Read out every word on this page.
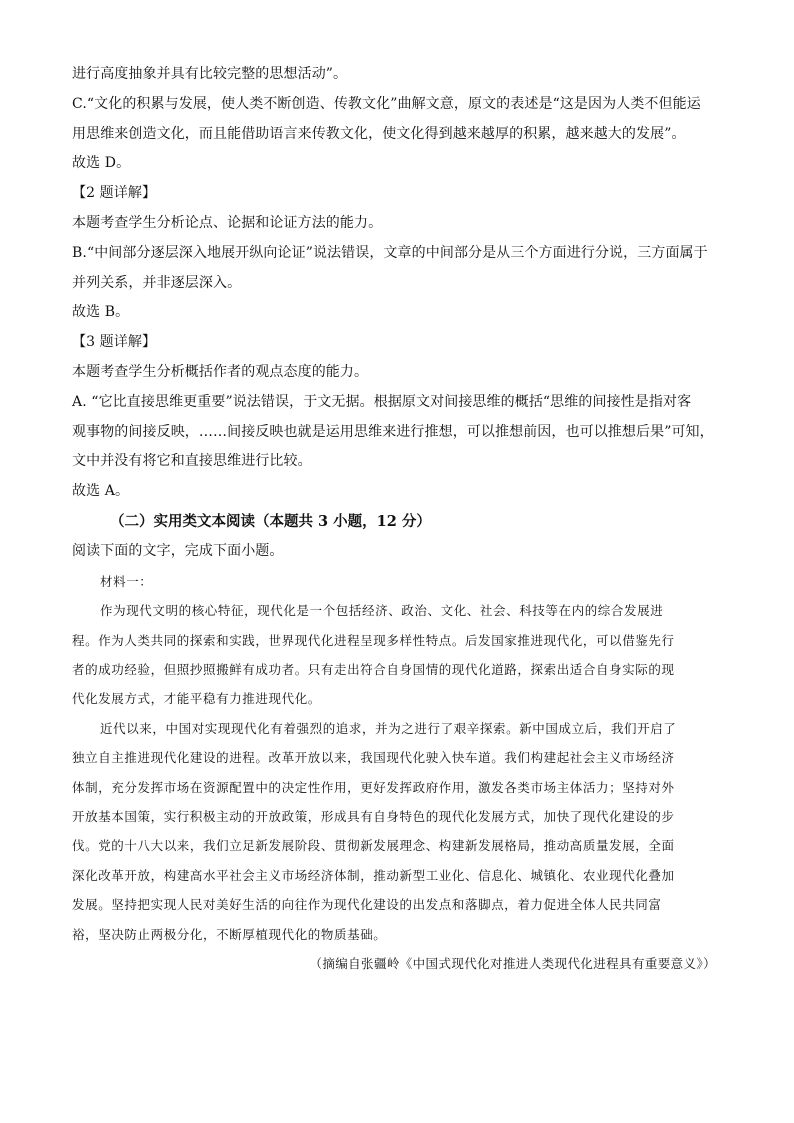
进行高度抽象并具有比较完整的思想活动”。
C.“文化的积累与发展，使人类不断创造、传教文化”曲解文意，原文的表述是“这是因为人类不但能运
用思维来创造文化，而且能借助语言来传教文化，使文化得到越来越厚的积累，越来越大的发展”。
故选 D。
【2 题详解】
本题考查学生分析论点、论据和论证方法的能力。
B.“中间部分逐层深入地展开纵向论证”说法错误，文章的中间部分是从三个方面进行分说，三方面属于
并列关系，并非逐层深入。
故选 B。
【3 题详解】
本题考查学生分析概括作者的观点态度的能力。
A. “它比直接思维更重要”说法错误，于文无据。根据原文对间接思维的概括“思维的间接性是指对客
观事物的间接反映，……间接反映也就是运用思维来进行推想，可以推想前因，也可以推想后果”可知，
文中并没有将它和直接思维进行比较。
故选 A。
（二）实用类文本阅读（本题共 3 小题，12 分）
阅读下面的文字，完成下面小题。
材料一：
作为现代文明的核心特征，现代化是一个包括经济、政治、文化、社会、科技等在内的综合发展进
程。作为人类共同的探索和实践，世界现代化进程呈现多样性特点。后发国家推进现代化，可以借鉴先行
者的成功经验，但照抄照搬鲜有成功者。只有走出符合自身国情的现代化道路，探索出适合自身实际的现
代化发展方式，才能平稳有力推进现代化。
近代以来，中国对实现现代化有着强烈的追求，并为之进行了艰辛探索。新中国成立后，我们开启了
独立自主推进现代化建设的进程。改革开放以来，我国现代化驶入快车道。我们构建起社会主义市场经济
体制，充分发挥市场在资源配置中的决定性作用，更好发挥政府作用，激发各类市场主体活力；坚持对外
开放基本国策，实行积极主动的开放政策，形成具有自身特色的现代化发展方式，加快了现代化建设的步
伐。党的十八大以来，我们立足新发展阶段、贯彻新发展理念、构建新发展格局，推动高质量发展，全面
深化改革开放，构建高水平社会主义市场经济体制，推动新型工业化、信息化、城镇化、农业现代化叠加
发展。坚持把实现人民对美好生活的向往作为现代化建设的出发点和落脚点，着力促进全体人民共同富
裕，坚决防止两极分化，不断厚植现代化的物质基础。
（摘编自张疆岭《中国式现代化对推进人类现代化进程具有重要意义》）
